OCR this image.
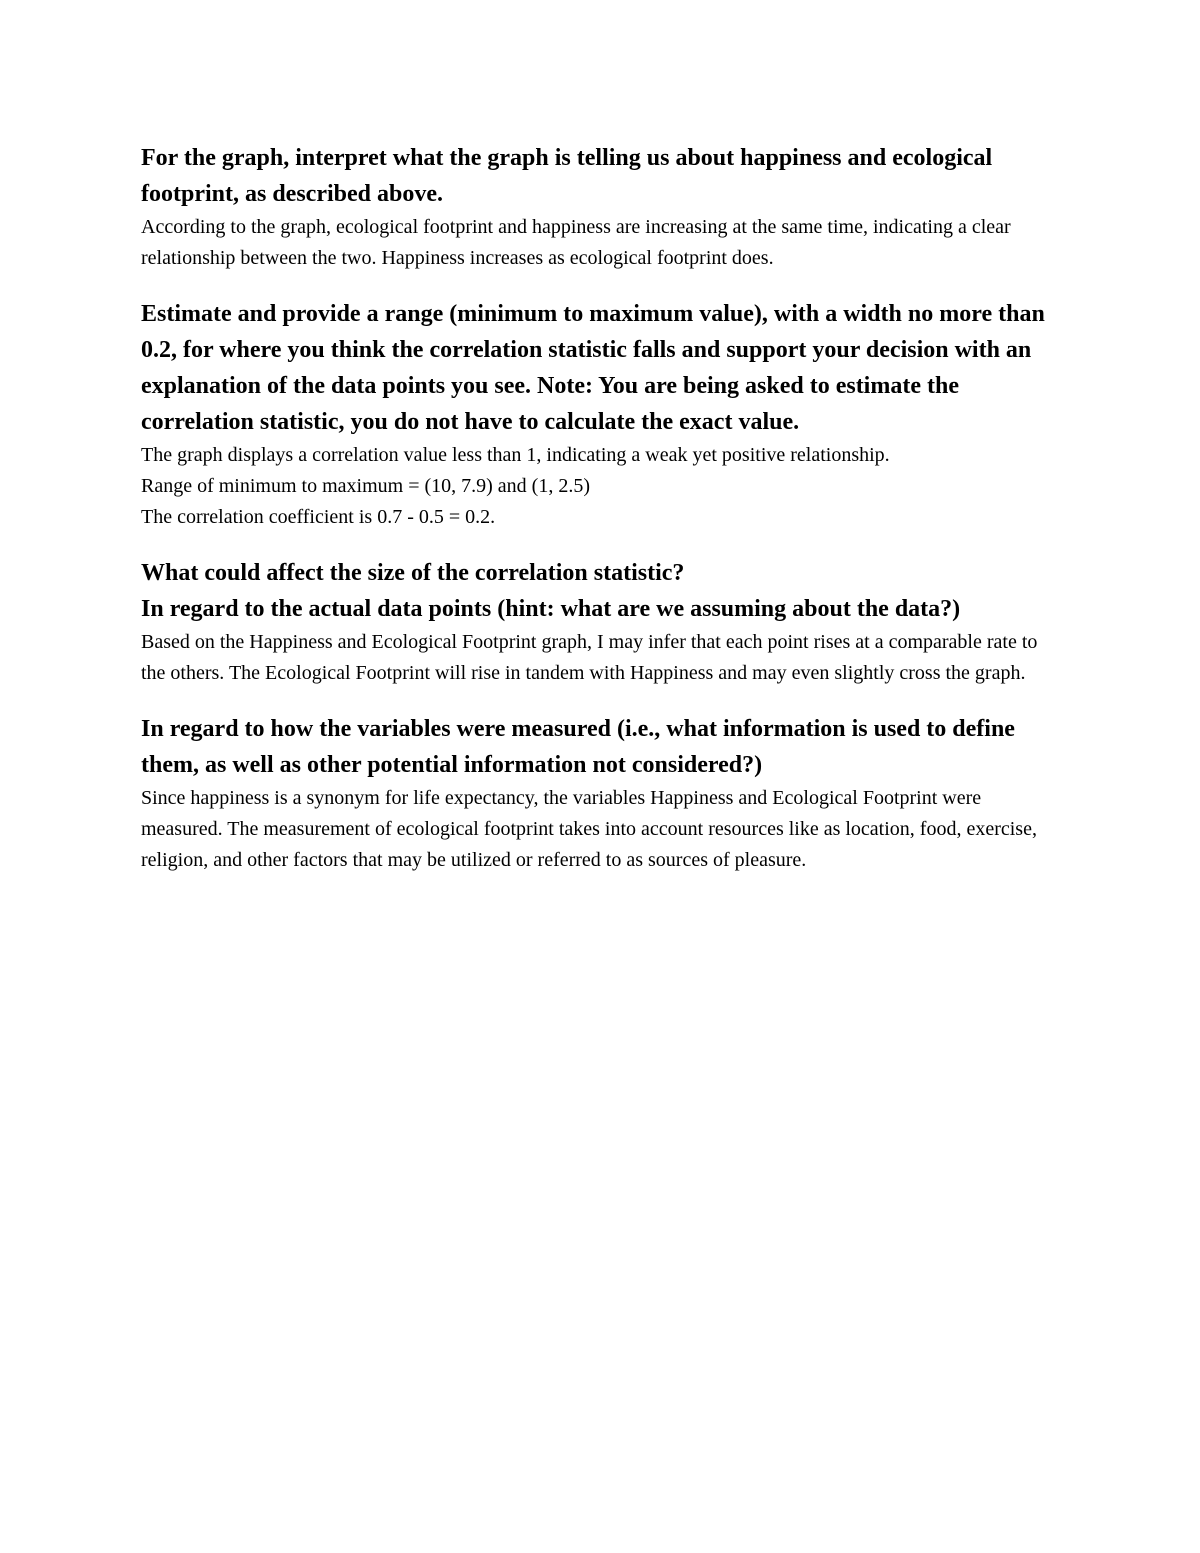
For the graph, interpret what the graph is telling us about happiness and ecological footprint, as described above.

According to the graph, ecological footprint and happiness are increasing at the same time, indicating a clear relationship between the two. Happiness increases as ecological footprint does.

Estimate and provide a range (minimum to maximum value), with a width no more than 0.2, for where you think the correlation statistic falls and support your decision with an explanation of the data points you see. Note: You are being asked to estimate the correlation statistic, you do not have to calculate the exact value.

The graph displays a correlation value less than 1, indicating a weak yet positive relationship.
Range of minimum to maximum = (10, 7.9) and (1, 2.5)
The correlation coefficient is 0.7 - 0.5 = 0.2.

What could affect the size of the correlation statistic?

In regard to the actual data points (hint: what are we assuming about the data?)

Based on the Happiness and Ecological Footprint graph, I may infer that each point rises at a comparable rate to the others. The Ecological Footprint will rise in tandem with Happiness and may even slightly cross the graph.

In regard to how the variables were measured (i.e., what information is used to define them, as well as other potential information not considered?)

Since happiness is a synonym for life expectancy, the variables Happiness and Ecological Footprint were measured. The measurement of ecological footprint takes into account resources like as location, food, exercise, religion, and other factors that may be utilized or referred to as sources of pleasure.
